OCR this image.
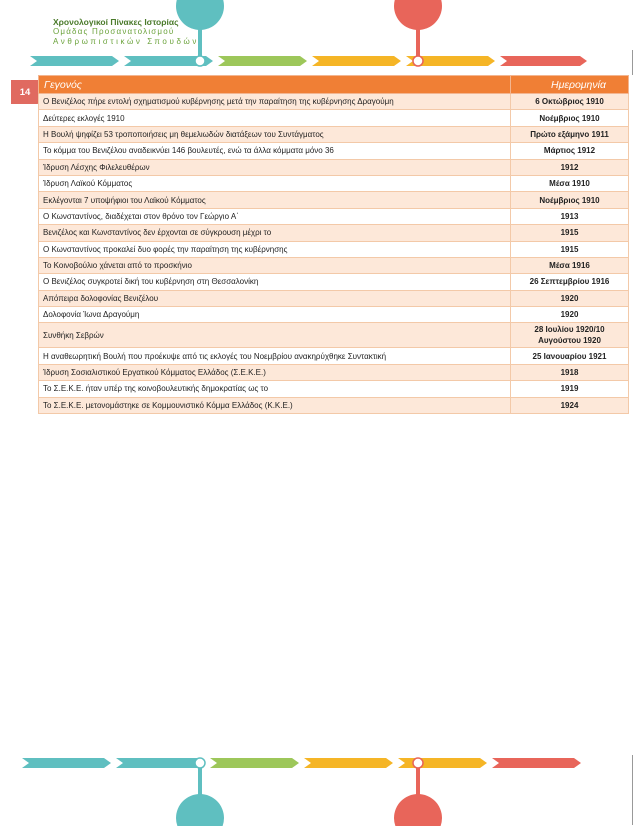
Χρονολογικοί Πίνακες Ιστορίας
Ομάδας Προσανατολισμού
Ανθρωπιστικών Σπουδών
14
Γεγονός	Ημερομηνία
Ο Βενιζέλος πήρε εντολή σχηματισμού κυβέρνησης μετά την παραίτηση της κυβέρνησης Δραγούμη	6 Οκτώβριος 1910
Δεύτερες εκλογές 1910	Νοέμβριος 1910
Η Βουλή ψηφίζει 53 τροποποιήσεις μη θεμελιωδών διατάξεων του Συντάγματος	Πρώτο εξάμηνο 1911
Το κόμμα του Βενιζέλου αναδεικνύει 146 βουλευτές, ενώ τα άλλα κόμματα μόνο 36	Μάρτιος 1912
Ίδρυση Λέσχης Φιλελευθέρων	1912
Ίδρυση Λαϊκού Κόμματος	Μέσα 1910
Εκλέγονται 7 υποψήφιοι του Λαϊκού Κόμματος	Νοέμβριος 1910
Ο Κωνσταντίνος, διαδέχεται στον θρόνο τον Γεώργιο Α΄	1913
Βενιζέλος και Κωνσταντίνος δεν έρχονται σε σύγκρουση μέχρι το	1915
Ο Κωνσταντίνος προκαλεί δυο φορές την παραίτηση της κυβέρνησης	1915
Το Κοινοβούλιο χάνεται από το προσκήνιο	Μέσα 1916
Ο Βενιζέλος συγκροτεί δική του κυβέρνηση στη Θεσσαλονίκη	26 Σεπτεμβρίου 1916
Απόπειρα δολοφονίας Βενιζέλου	1920
Δολοφονία Ίωνα Δραγούμη	1920
Συνθήκη Σεβρών	28 Ιουλίου 1920/10 Αυγούστου 1920
Η αναθεωρητική Βουλή που προέκυψε από τις εκλογές του Νοεμβρίου ανακηρύχθηκε Συντακτική	25 Ιανουαρίου 1921
Ίδρυση Σοσιαλιστικού Εργατικού Κόμματος Ελλάδος (Σ.Ε.Κ.Ε.)	1918
Το Σ.Ε.Κ.Ε. ήταν υπέρ της κοινοβουλευτικής δημοκρατίας ως το	1919
Το Σ.Ε.Κ.Ε. μετονομάστηκε σε Κομμουνιστικό Κόμμα Ελλάδος (Κ.Κ.Ε.)	1924
